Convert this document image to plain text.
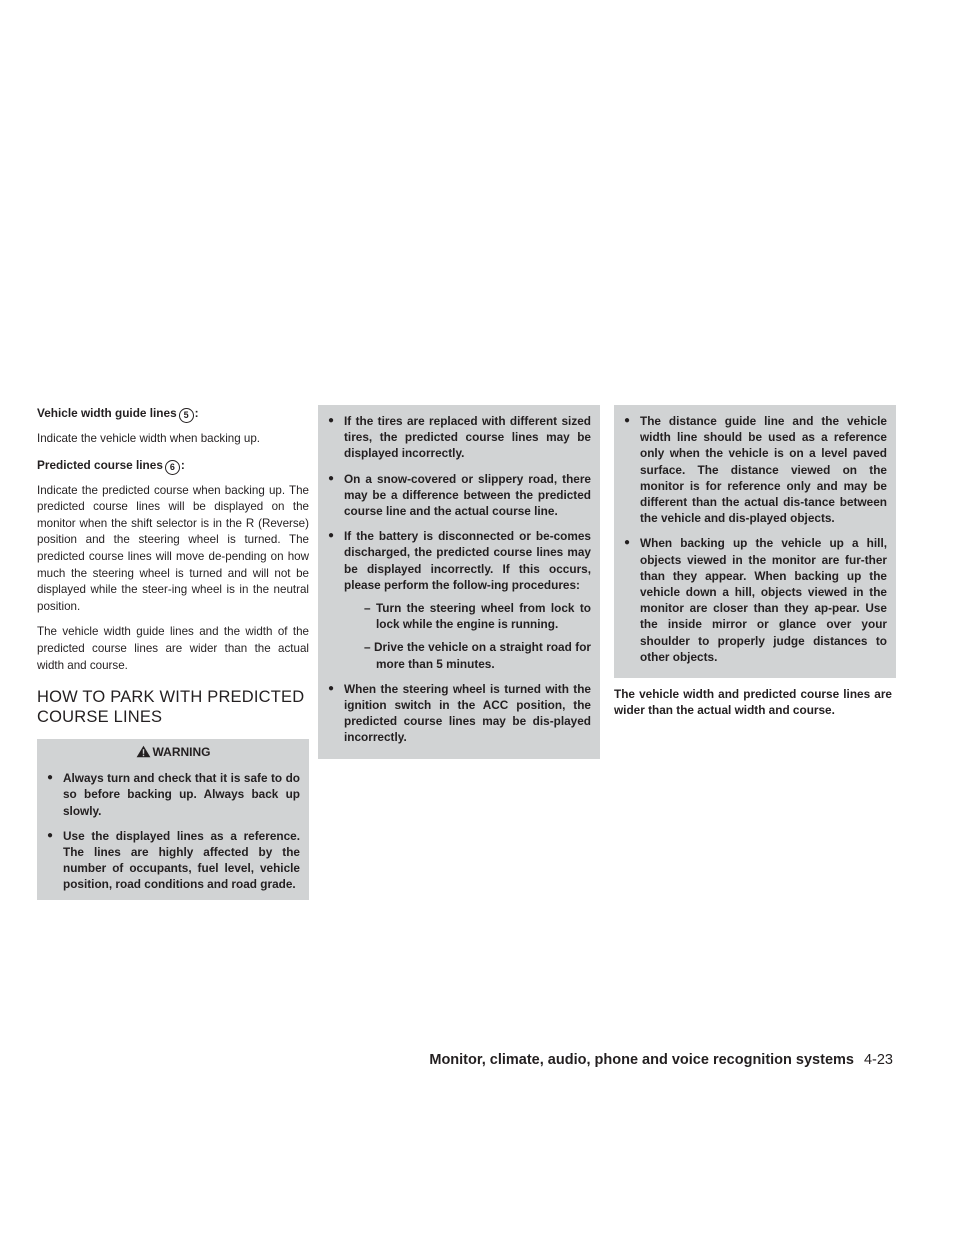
Vehicle width guide lines 5 :

Indicate the vehicle width when backing up.

Predicted course lines 6 :

Indicate the predicted course when backing up. The predicted course lines will be displayed on the monitor when the shift selector is in the R (Reverse) position and the steering wheel is turned. The predicted course lines will move de-pending on how much the steering wheel is turned and will not be displayed while the steer-ing wheel is in the neutral position.

The vehicle width guide lines and the width of the predicted course lines are wider than the actual width and course.

HOW TO PARK WITH PREDICTED
COURSE LINES
WARNING
● Always turn and check that it is safe to do so before backing up. Always back up slowly.
● Use the displayed lines as a reference. The lines are highly affected by the number of occupants, fuel level, vehicle position, road conditions and road grade.
● If the tires are replaced with different sized tires, the predicted course lines may be displayed incorrectly.
● On a snow-covered or slippery road, there may be a difference between the predicted course line and the actual course line.
● If the battery is disconnected or be-comes discharged, the predicted course lines may be displayed incorrectly. If this occurs, please perform the follow-ing procedures:
– Turn the steering wheel from lock to lock while the engine is running.
– Drive the vehicle on a straight road for more than 5 minutes.
● When the steering wheel is turned with the ignition switch in the ACC position, the predicted course lines may be dis-played incorrectly.
● The distance guide line and the vehicle width line should be used as a reference only when the vehicle is on a level paved surface. The distance viewed on the monitor is for reference only and may be different than the actual dis-tance between the vehicle and dis-played objects.
● When backing up the vehicle up a hill, objects viewed in the monitor are fur-ther than they appear. When backing up the vehicle down a hill, objects viewed in the monitor are closer than they ap-pear. Use the inside mirror or glance over your shoulder to properly judge distances to other objects.
The vehicle width and predicted course lines are wider than the actual width and course.
Monitor, climate, audio, phone and voice recognition systems 4-23
